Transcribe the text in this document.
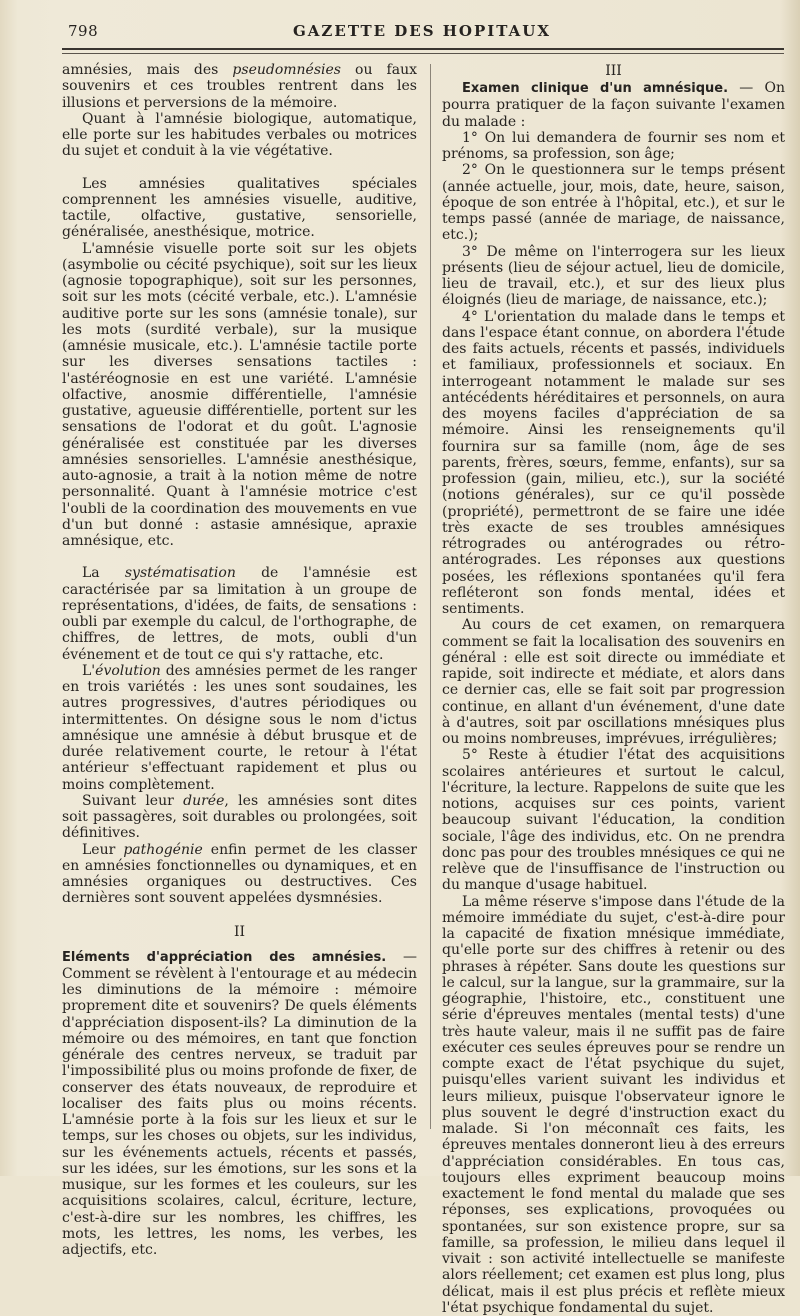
798	GAZETTE DES HOPITAUX

amnésies, mais des pseudomnésies ou faux souvenirs et ces troubles rentrent dans les illusions et perversions de la mémoire.

Quant à l'amnésie biologique, automatique, elle porte sur les habitudes verbales ou motrices du sujet et conduit à la vie végétative.

Les amnésies qualitatives spéciales comprennent les amnésies visuelle, auditive, tactile, olfactive, gustative, sensorielle, généralisée, anesthésique, motrice.

L'amnésie visuelle porte soit sur les objets (asymbolie ou cécité psychique), soit sur les lieux (agnosie topographique), soit sur les personnes, soit sur les mots (cécité verbale, etc.). L'amnésie auditive porte sur les sons (amnésie tonale), sur les mots (surdité verbale), sur la musique (amnésie musicale, etc.). L'amnésie tactile porte sur les diverses sensations tactiles : l'astéréognosie en est une variété. L'amnésie olfactive, anosmie différentielle, l'amnésie gustative, agueusie différentielle, portent sur les sensations de l'odorat et du goût. L'agnosie généralisée est constituée par les diverses amnésies sensorielles. L'amnésie anesthésique, auto-agnosie, a trait à la notion même de notre personnalité. Quant à l'amnésie motrice c'est l'oubli de la coordination des mouvements en vue d'un but donné : astasie amnésique, apraxie amnésique, etc.

La systématisation de l'amnésie est caractérisée par sa limitation à un groupe de représentations, d'idées, de faits, de sensations : oubli par exemple du calcul, de l'orthographe, de chiffres, de lettres, de mots, oubli d'un événement et de tout ce qui s'y rattache, etc.

L'évolution des amnésies permet de les ranger en trois variétés : les unes sont soudaines, les autres progressives, d'autres périodiques ou intermittentes. On désigne sous le nom d'ictus amnésique une amnésie à début brusque et de durée relativement courte, le retour à l'état antérieur s'effectuant rapidement et plus ou moins complètement.

Suivant leur durée, les amnésies sont dites soit passagères, soit durables ou prolongées, soit définitives.

Leur pathogénie enfin permet de les classer en amnésies fonctionnelles ou dynamiques, et en amnésies organiques ou destructives. Ces dernières sont souvent appelées dysmnésies.

II

Eléments d'appréciation des amnésies. — Comment se révèlent à l'entourage et au médecin les diminutions de la mémoire : mémoire proprement dite et souvenirs? De quels éléments d'appréciation disposent-ils? La diminution de la mémoire ou des mémoires, en tant que fonction générale des centres nerveux, se traduit par l'impossibilité plus ou moins profonde de fixer, de conserver des états nouveaux, de reproduire et localiser des faits plus ou moins récents. L'amnésie porte à la fois sur les lieux et sur le temps, sur les choses ou objets, sur les individus, sur les événements actuels, récents et passés, sur les idées, sur les émotions, sur les sons et la musique, sur les formes et les couleurs, sur les acquisitions scolaires, calcul, écriture, lecture, c'est-à-dire sur les nombres, les chiffres, les mots, les lettres, les noms, les verbes, les adjectifs, etc.

III

Examen clinique d'un amnésique. — On pourra pratiquer de la façon suivante l'examen du malade :

1° On lui demandera de fournir ses nom et prénoms, sa profession, son âge;

2° On le questionnera sur le temps présent (année actuelle, jour, mois, date, heure, saison, époque de son entrée à l'hôpital, etc.), et sur le temps passé (année de mariage, de naissance, etc.);

3° De même on l'interrogera sur les lieux présents (lieu de séjour actuel, lieu de domicile, lieu de travail, etc.), et sur des lieux plus éloignés (lieu de mariage, de naissance, etc.);

4° L'orientation du malade dans le temps et dans l'espace étant connue, on abordera l'étude des faits actuels, récents et passés, individuels et familiaux, professionnels et sociaux. En interrogeant notamment le malade sur ses antécédents héréditaires et personnels, on aura des moyens faciles d'appréciation de sa mémoire. Ainsi les renseignements qu'il fournira sur sa famille (nom, âge de ses parents, frères, sœurs, femme, enfants), sur sa profession (gain, milieu, etc.), sur la société (notions générales), sur ce qu'il possède (propriété), permettront de se faire une idée très exacte de ses troubles amnésiques rétrogrades ou antérogrades ou rétro-antérogrades. Les réponses aux questions posées, les réflexions spontanées qu'il fera refléteront son fonds mental, idées et sentiments.

Au cours de cet examen, on remarquera comment se fait la localisation des souvenirs en général : elle est soit directe ou immédiate et rapide, soit indirecte et médiate, et alors dans ce dernier cas, elle se fait soit par progression continue, en allant d'un événement, d'une date à d'autres, soit par oscillations mnésiques plus ou moins nombreuses, imprévues, irrégulières;

5° Reste à étudier l'état des acquisitions scolaires antérieures et surtout le calcul, l'écriture, la lecture. Rappelons de suite que les notions, acquises sur ces points, varient beaucoup suivant l'éducation, la condition sociale, l'âge des individus, etc. On ne prendra donc pas pour des troubles mnésiques ce qui ne relève que de l'insuffisance de l'instruction ou du manque d'usage habituel.

La même réserve s'impose dans l'étude de la mémoire immédiate du sujet, c'est-à-dire pour la capacité de fixation mnésique immédiate, qu'elle porte sur des chiffres à retenir ou des phrases à répéter. Sans doute les questions sur le calcul, sur la langue, sur la grammaire, sur la géographie, l'histoire, etc., constituent une série d'épreuves mentales (mental tests) d'une très haute valeur, mais il ne suffit pas de faire exécuter ces seules épreuves pour se rendre un compte exact de l'état psychique du sujet, puisqu'elles varient suivant les individus et leurs milieux, puisque l'observateur ignore le plus souvent le degré d'instruction exact du malade. Si l'on méconnaît ces faits, les épreuves mentales donneront lieu à des erreurs d'appréciation considérables. En tous cas, toujours elles expriment beaucoup moins exactement le fond mental du malade que ses réponses, ses explications, provoquées ou spontanées, sur son existence propre, sur sa famille, sa profession, le milieu dans lequel il vivait : son activité intellectuelle se manifeste alors réellement; cet examen est plus long, plus délicat, mais il est plus précis et reflète mieux l'état psychique fondamental du sujet.
